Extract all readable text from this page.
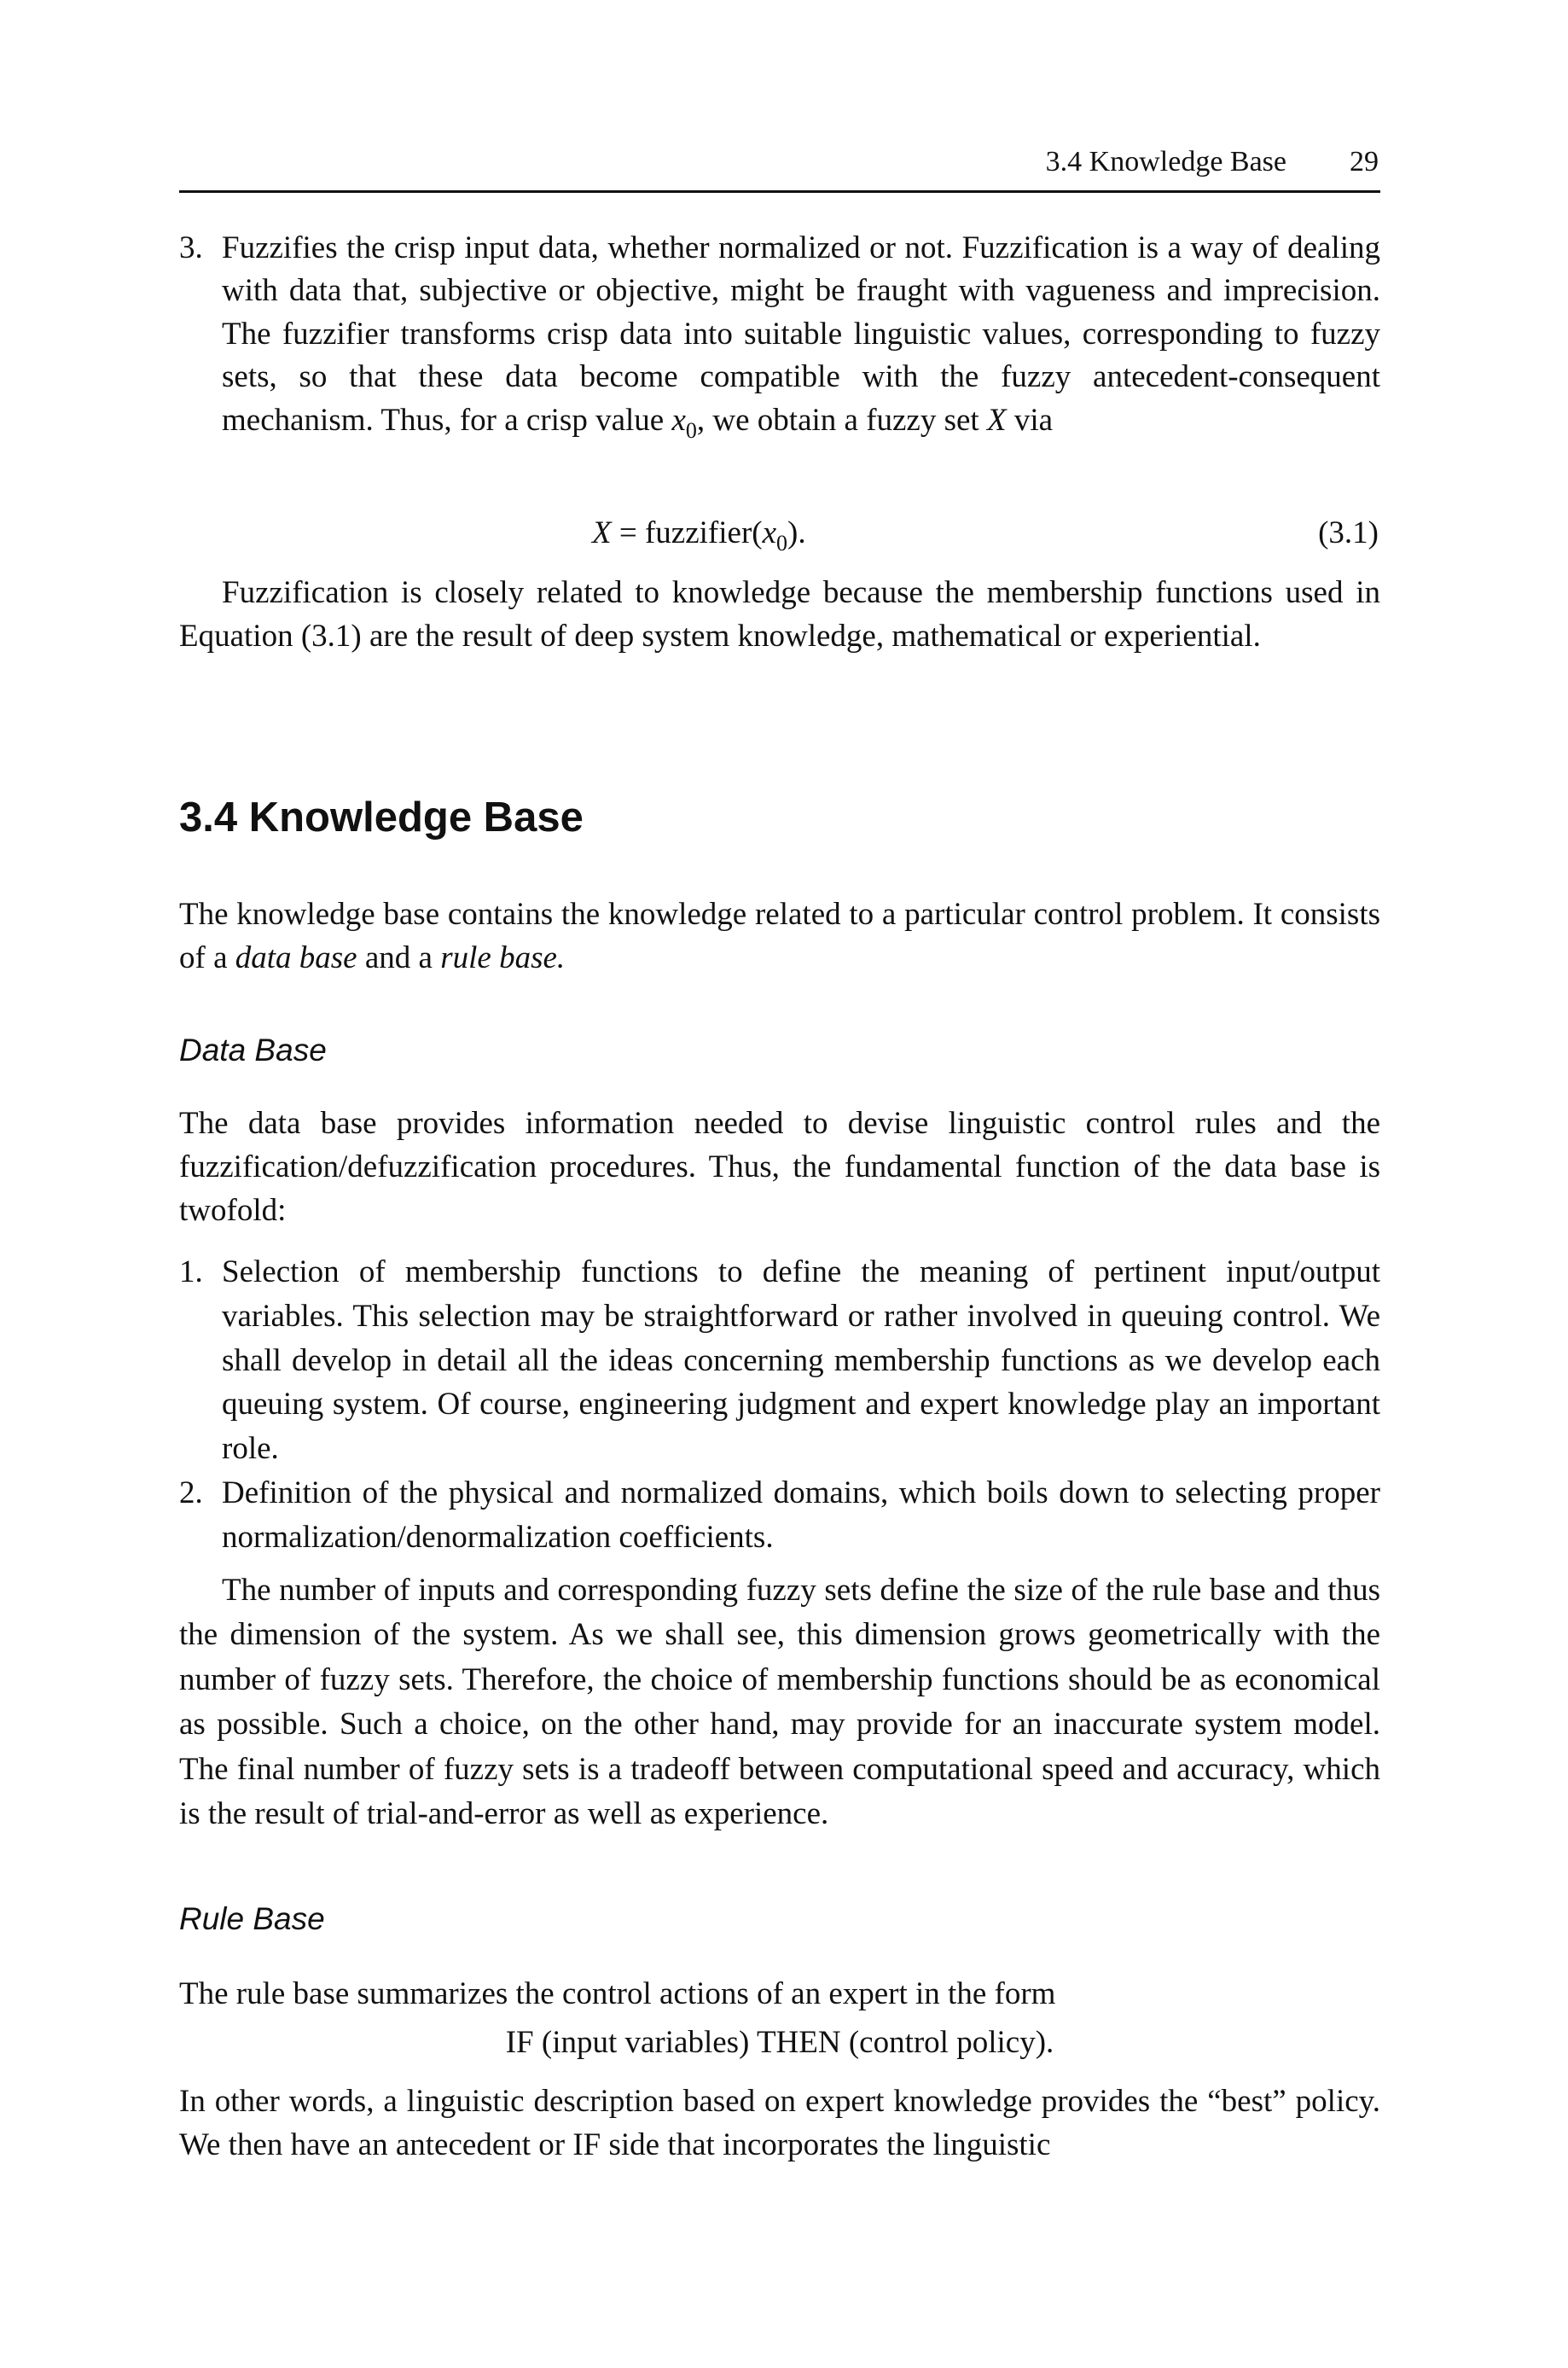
3.4 Knowledge Base 29
3. Fuzzifies the crisp input data, whether normalized or not. Fuzzification is a way of dealing with data that, subjective or objective, might be fraught with vagueness and imprecision. The fuzzifier transforms crisp data into suitable linguistic values, corresponding to fuzzy sets, so that these data become compatible with the fuzzy antecedent-consequent mechanism. Thus, for a crisp value $x_0$, we obtain a fuzzy set X via
$X = fuzzifier(x_0)$.	(3.1)

Fuzzification is closely related to knowledge because the membership functions used in Equation (3.1) are the result of deep system knowledge, mathematical or experiential.

3.4 Knowledge Base

The knowledge base contains the knowledge related to a particular control problem. It consists of a data base and a rule base.

Data Base

The data base provides information needed to devise linguistic control rules and the fuzzification/defuzzification procedures. Thus, the fundamental function of the data base is twofold:

1. Selection of membership functions to define the meaning of pertinent input/output variables. This selection may be straightforward or rather involved in queuing control. We shall develop in detail all the ideas concerning membership functions as we develop each queuing system. Of course, engineering judgment and expert knowledge play an important role.
2. Definition of the physical and normalized domains, which boils down to selecting proper normalization/denormalization coefficients.

The number of inputs and corresponding fuzzy sets define the size of the rule base and thus the dimension of the system. As we shall see, this dimension grows geometrically with the number of fuzzy sets. Therefore, the choice of membership functions should be as economical as possible. Such a choice, on the other hand, may provide for an inaccurate system model. The final number of fuzzy sets is a tradeoff between computational speed and accuracy, which is the result of trial-and-error as well as experience.

Rule Base

The rule base summarizes the control actions of an expert in the form

IF (input variables) THEN (control policy).

In other words, a linguistic description based on expert knowledge provides the “best” policy. We then have an antecedent or IF side that incorporates the linguistic
